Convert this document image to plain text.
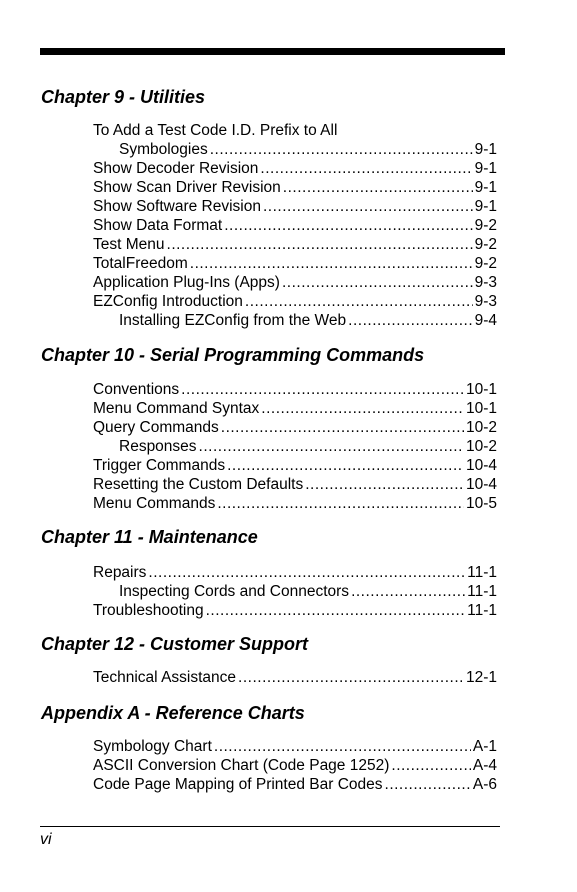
Chapter 9 - Utilities
To Add a Test Code I.D. Prefix to All
Symbologies .....	9-1
Show Decoder Revision .....	9-1
Show Scan Driver Revision .....	9-1
Show Software Revision .....	9-1
Show Data Format .....	9-2
Test Menu .....	9-2
TotalFreedom .....	9-2
Application Plug-Ins (Apps) .....	9-3
EZConfig Introduction .....	9-3
Installing EZConfig from the Web .....	9-4
Chapter 10 - Serial Programming Commands
Conventions .....	10-1
Menu Command Syntax .....	10-1
Query Commands .....	10-2
Responses .....	10-2
Trigger Commands .....	10-4
Resetting the Custom Defaults .....	10-4
Menu Commands .....	10-5
Chapter 11 - Maintenance
Repairs .....	11-1
Inspecting Cords and Connectors .....	11-1
Troubleshooting .....	11-1
Chapter 12 - Customer Support
Technical Assistance .....	12-1
Appendix A - Reference Charts
Symbology Chart .....	A-1
ASCII Conversion Chart (Code Page 1252) .....	A-4
Code Page Mapping of Printed Bar Codes .....	A-6
vi
